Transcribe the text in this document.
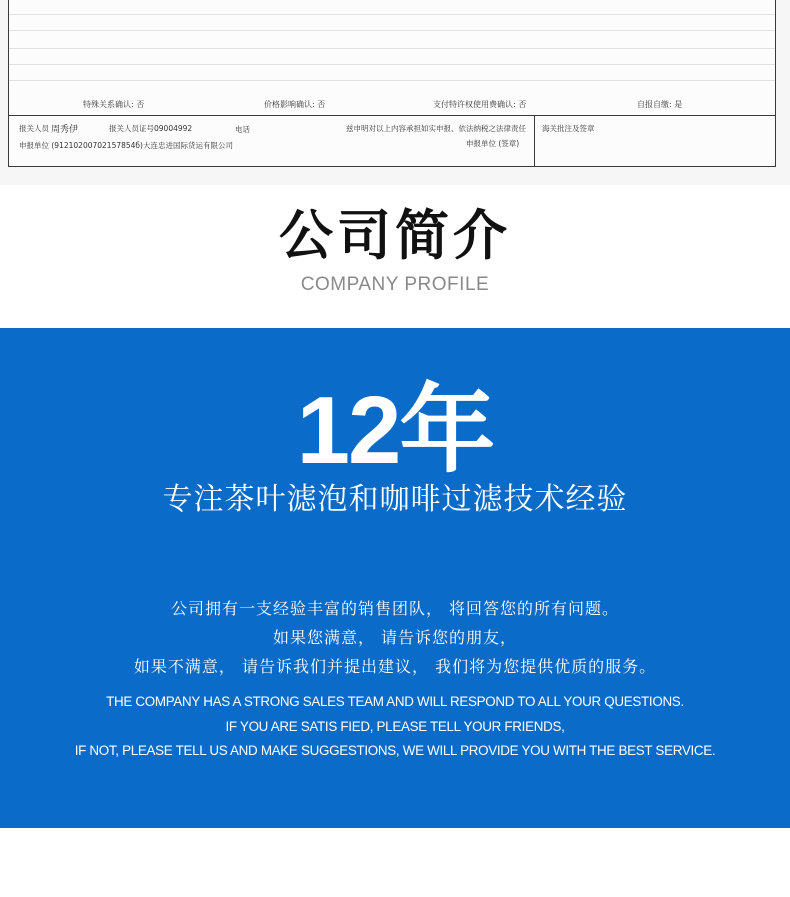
特殊关系确认: 否	价格影响确认: 否	支付特许权使用费确认: 否	自报自缴: 是
报关人员 周秀伊	报关人员证号09004992	电话
申报单位 (91210200702157854б)大连忠进国际货运有限公司
兹申明对以上内容承担如实申报、依法纳税之法律责任
申报单位 (签章)
海关批注及签章
公司简介
COMPANY PROFILE
12年
专注茶叶滤泡和咖啡过滤技术经验
公司拥有一支经验丰富的销售团队， 将回答您的所有问题。
如果您满意， 请告诉您的朋友，
如果不满意， 请告诉我们并提出建议， 我们将为您提供优质的服务。
THE COMPANY HAS A STRONG SALES TEAM AND WILL RESPOND TO ALL YOUR QUESTIONS.
IF YOU ARE SATIS FIED, PLEASE TELL YOUR FRIENDS,
IF NOT, PLEASE TELL US AND MAKE SUGGESTIONS, WE WILL PROVIDE YOU WITH THE BEST SERVICE.
